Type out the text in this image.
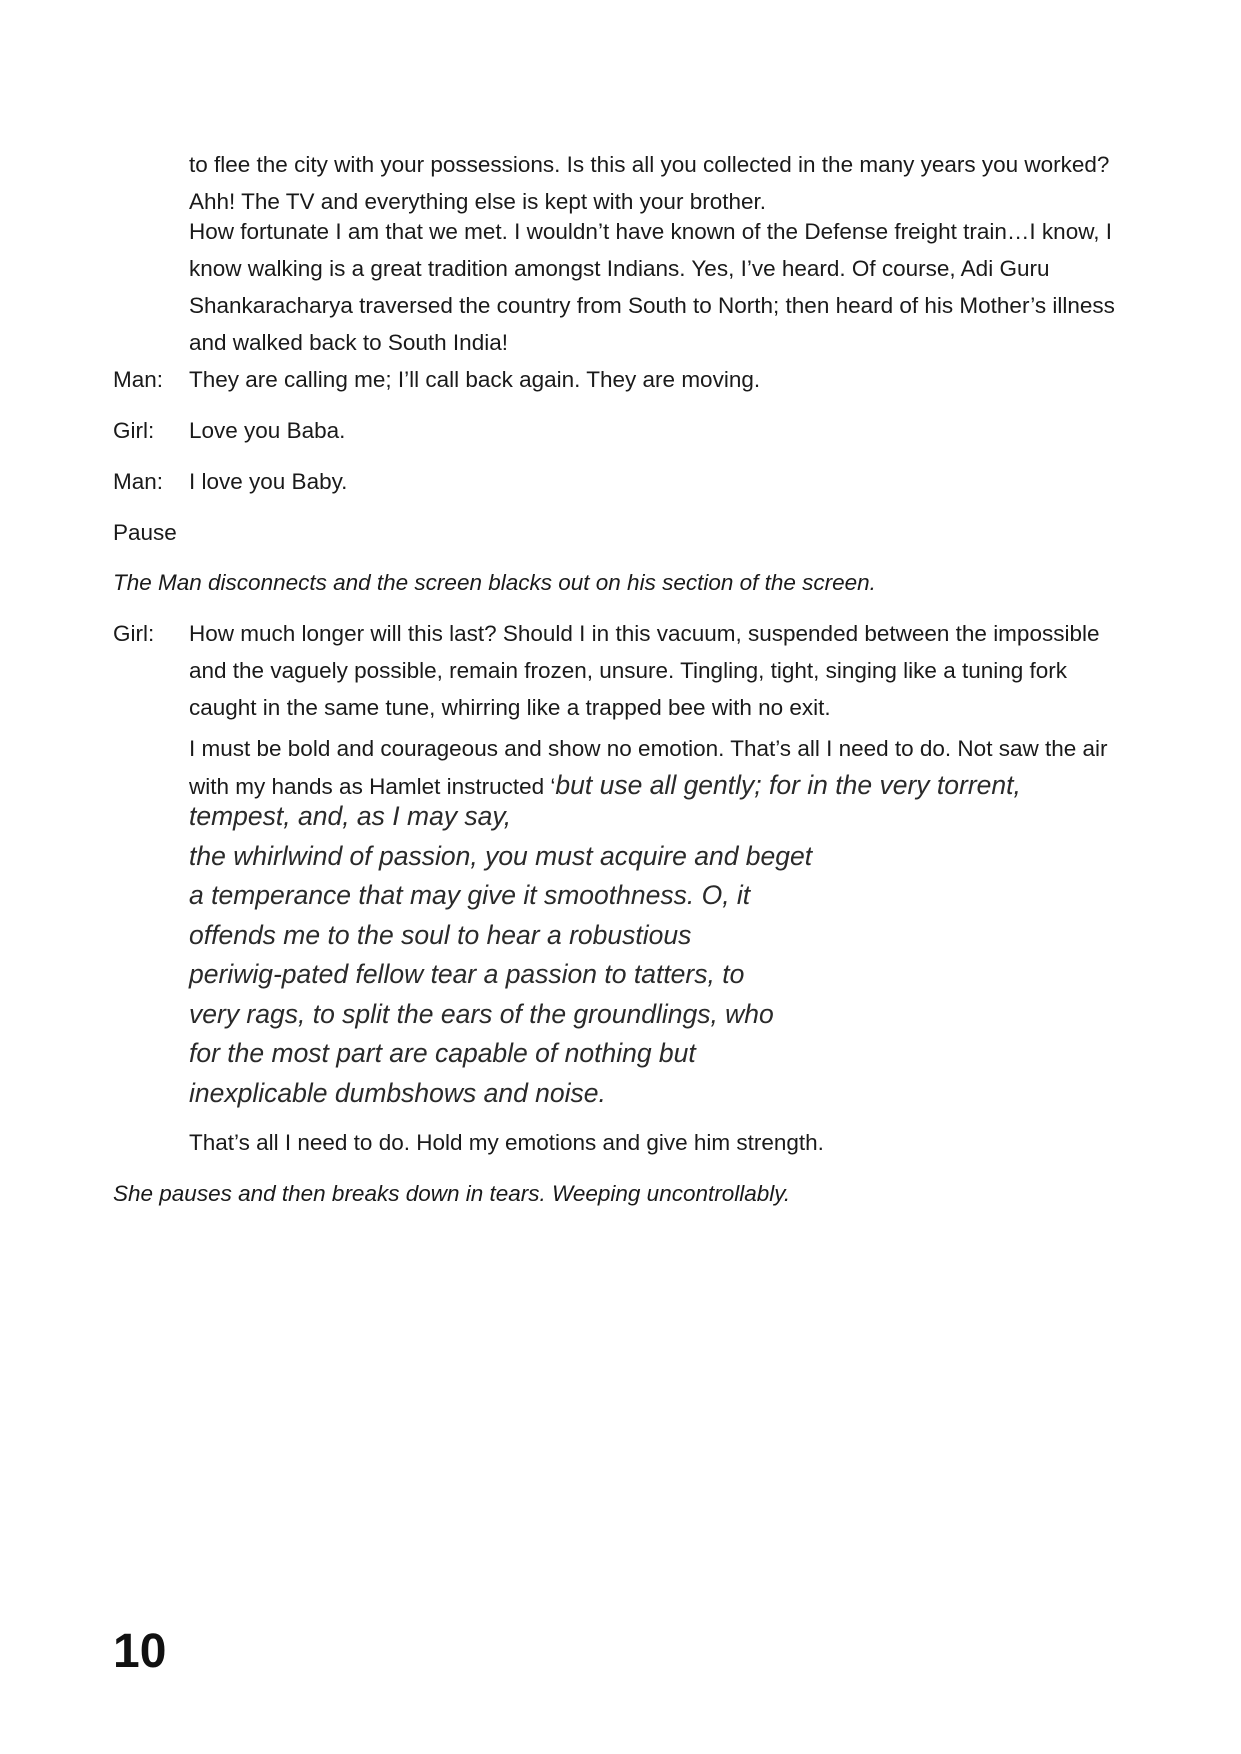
to flee the city with your possessions. Is this all you collected in the many years you worked? Ahh! The TV and everything else is kept with your brother.

How fortunate I am that we met. I wouldn’t have known of the Defense freight train…I know, I know walking is a great tradition amongst Indians. Yes, I’ve heard. Of course, Adi Guru Shankaracharya traversed the country from South to North; then heard of his Mother’s illness and walked back to South India!

Man: They are calling me; I’ll call back again. They are moving.
Girl: Love you Baba.
Man: I love you Baby.
Pause
The Man disconnects and the screen blacks out on his section of the screen.
Girl: How much longer will this last? Should I in this vacuum, suspended between the impossible and the vaguely possible, remain frozen, unsure. Tingling, tight, singing like a tuning fork caught in the same tune, whirring like a trapped bee with no exit.

I must be bold and courageous and show no emotion. That’s all I need to do. Not saw the air with my hands as Hamlet instructed ‘but use all gently; for in the very torrent,

tempest, and, as I may say,
the whirlwind of passion, you must acquire and beget
a temperance that may give it smoothness. O, it
offends me to the soul to hear a robustious
periwig-pated fellow tear a passion to tatters, to
very rags, to split the ears of the groundlings, who
for the most part are capable of nothing but
inexplicable dumbshows and noise.
That’s all I need to do. Hold my emotions and give him strength.
She pauses and then breaks down in tears. Weeping uncontrollably.
10
